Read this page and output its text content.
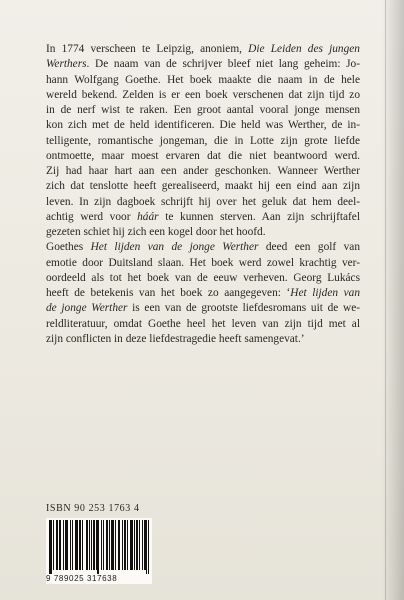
In 1774 verscheen te Leipzig, anoniem, Die Leiden des jungen
Werthers. De naam van de schrijver bleef niet lang geheim: Jo-
hann Wolfgang Goethe. Het boek maakte die naam in de hele
wereld bekend. Zelden is er een boek verschenen dat zijn tijd zo
in de nerf wist te raken. Een groot aantal vooral jonge mensen
kon zich met de held identificeren. Die held was Werther, de in-
telligente, romantische jongeman, die in Lotte zijn grote liefde
ontmoette, maar moest ervaren dat die niet beantwoord werd.
Zij had haar hart aan een ander geschonken. Wanneer Werther
zich dat tenslotte heeft gerealiseerd, maakt hij een eind aan zijn
leven. In zijn dagboek schrijft hij over het geluk dat hem deel-
achtig werd voor háár te kunnen sterven. Aan zijn schrijftafel
gezeten schiet hij zich een kogel door het hoofd.
Goethes Het lijden van de jonge Werther deed een golf van
emotie door Duitsland slaan. Het boek werd zowel krachtig ver-
oordeeld als tot het boek van de eeuw verheven. Georg Lukács
heeft de betekenis van het boek zo aangegeven: ‘Het lijden van
de jonge Werther is een van de grootste liefdesromans uit de we-
reldliteratuur, omdat Goethe heel het leven van zijn tijd met al
zijn conflicten in deze liefdestragedie heeft samengevat.’
ISBN 90 253 1763 4
9 789025 317638
